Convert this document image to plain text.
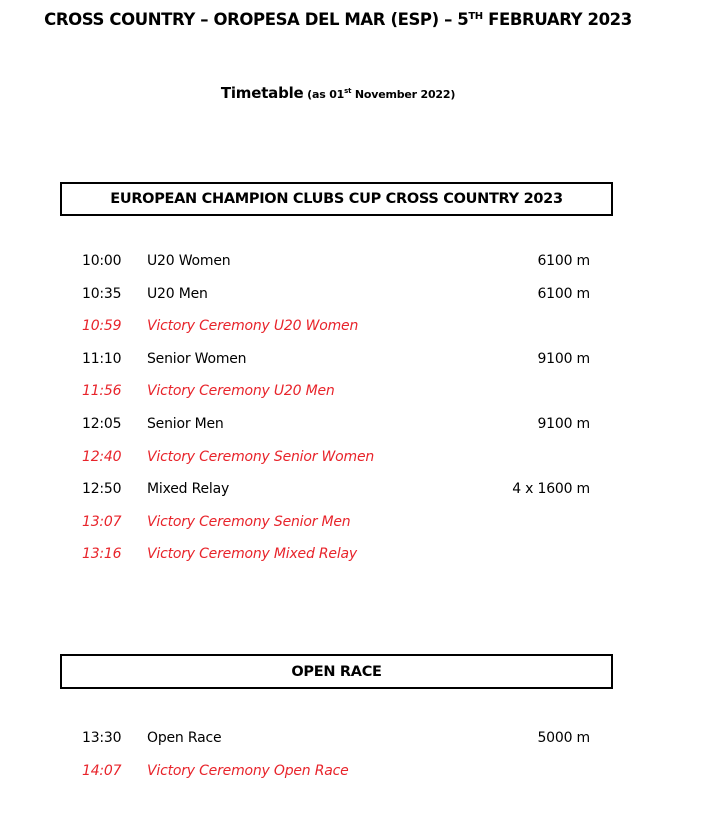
CROSS COUNTRY – OROPESA DEL MAR (ESP) – 5TH FEBRUARY 2023
Timetable (as 01st November 2022)
EUROPEAN CHAMPION CLUBS CUP CROSS COUNTRY 2023
10:00 U20 Women	6100 m
10:35 U20 Men	6100 m
10:59 Victory Ceremony U20 Women
11:10 Senior Women	9100 m
11:56 Victory Ceremony U20 Men
12:05 Senior Men	9100 m
12:40 Victory Ceremony Senior Women
12:50 Mixed Relay	4 x 1600 m
13:07 Victory Ceremony Senior Men
13:16 Victory Ceremony Mixed Relay
OPEN RACE
13:30 Open Race	5000 m
14:07 Victory Ceremony Open Race
